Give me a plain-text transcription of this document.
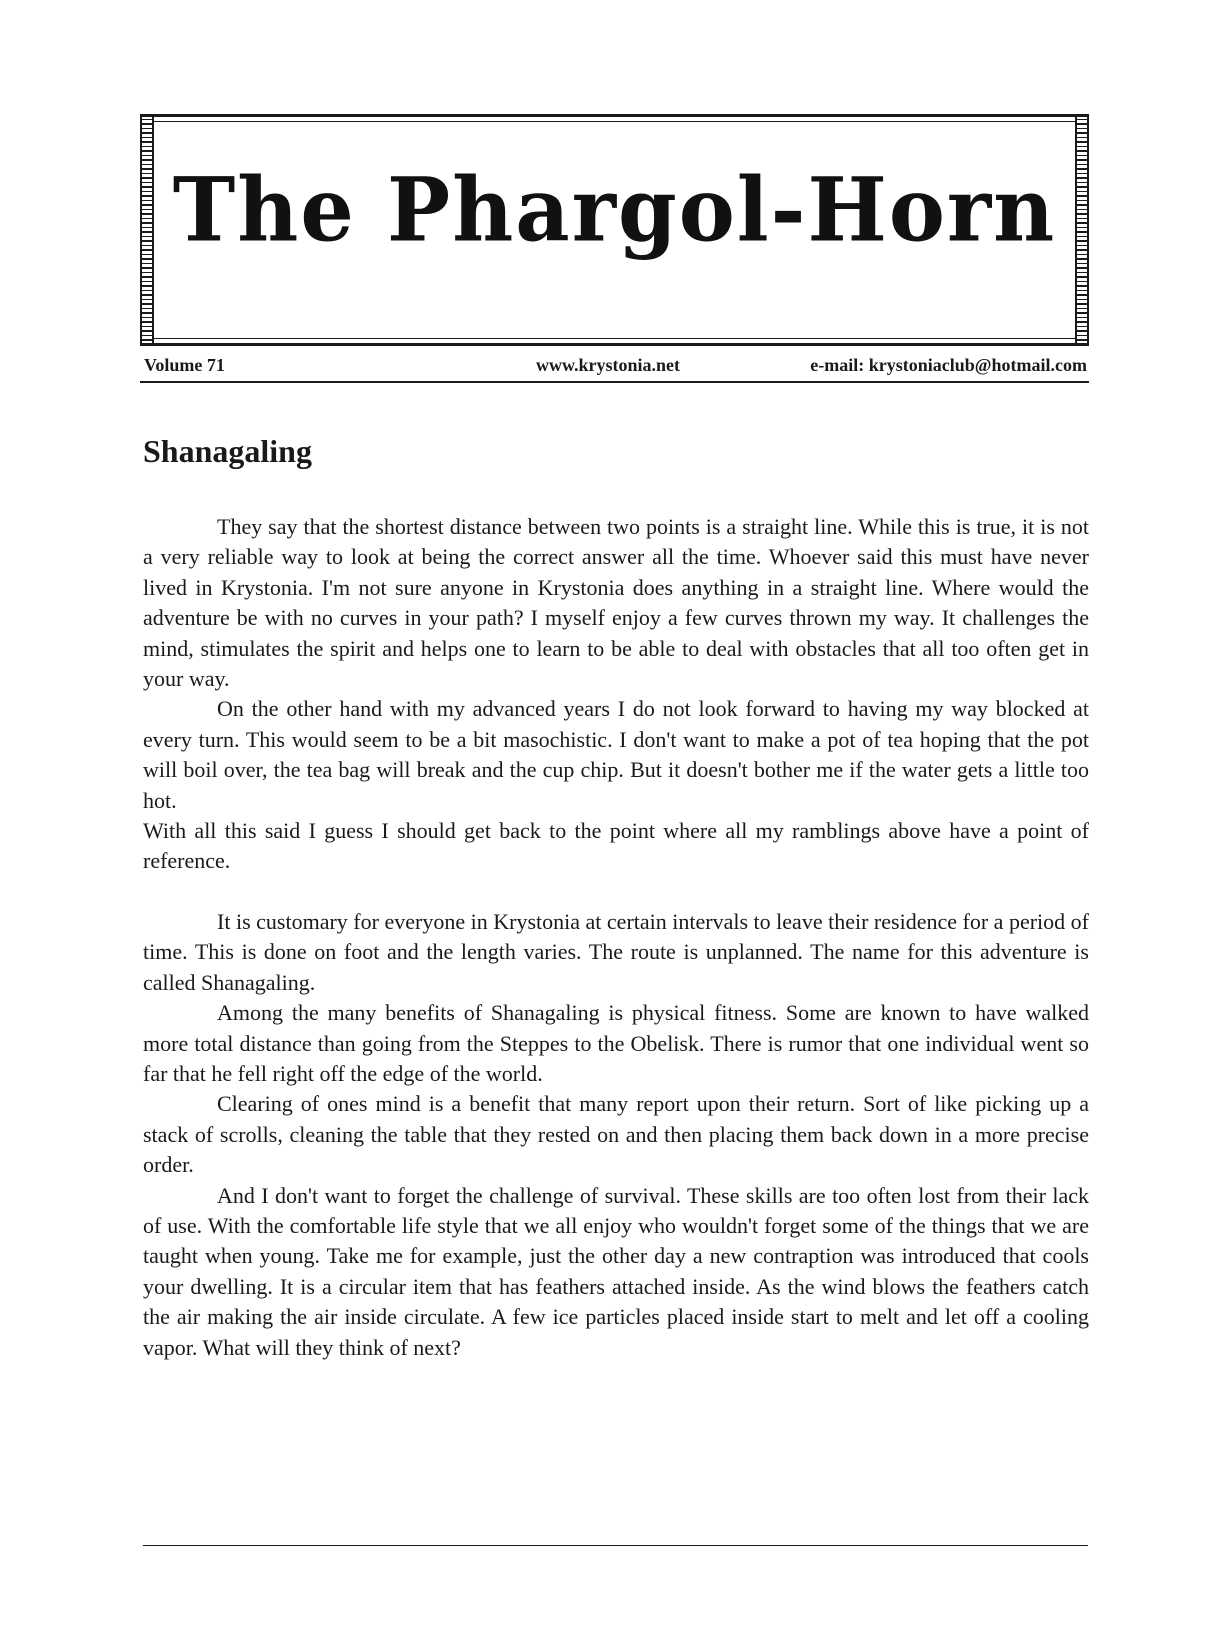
The Phargol-Horn
Volume 71	www.krystonia.net	e-mail: krystoniaclub@hotmail.com
Shanagaling

They say that the shortest distance between two points is a straight line. While this is true, it is not a very reliable way to look at being the correct answer all the time. Whoever said this must have never lived in Krystonia. I'm not sure anyone in Krystonia does anything in a straight line. Where would the adventure be with no curves in your path? I myself enjoy a few curves thrown my way. It challenges the mind, stimulates the spirit and helps one to learn to be able to deal with obstacles that all too often get in your way.

On the other hand with my advanced years I do not look forward to having my way blocked at every turn. This would seem to be a bit masochistic. I don't want to make a pot of tea hoping that the pot will boil over, the tea bag will break and the cup chip. But it doesn't bother me if the water gets a little too hot.

With all this said I guess I should get back to the point where all my ramblings above have a point of reference.

It is customary for everyone in Krystonia at certain intervals to leave their residence for a period of time. This is done on foot and the length varies. The route is unplanned. The name for this adventure is called Shanagaling.

Among the many benefits of Shanagaling is physical fitness. Some are known to have walked more total distance than going from the Steppes to the Obelisk. There is rumor that one individual went so far that he fell right off the edge of the world.

Clearing of ones mind is a benefit that many report upon their return. Sort of like picking up a stack of scrolls, cleaning the table that they rested on and then placing them back down in a more precise order.

And I don't want to forget the challenge of survival. These skills are too often lost from their lack of use. With the comfortable life style that we all enjoy who wouldn't forget some of the things that we are taught when young. Take me for example, just the other day a new contraption was introduced that cools your dwelling. It is a circular item that has feathers attached inside. As the wind blows the feathers catch the air making the air inside circulate. A few ice particles placed inside start to melt and let off a cooling vapor. What will they think of next?
